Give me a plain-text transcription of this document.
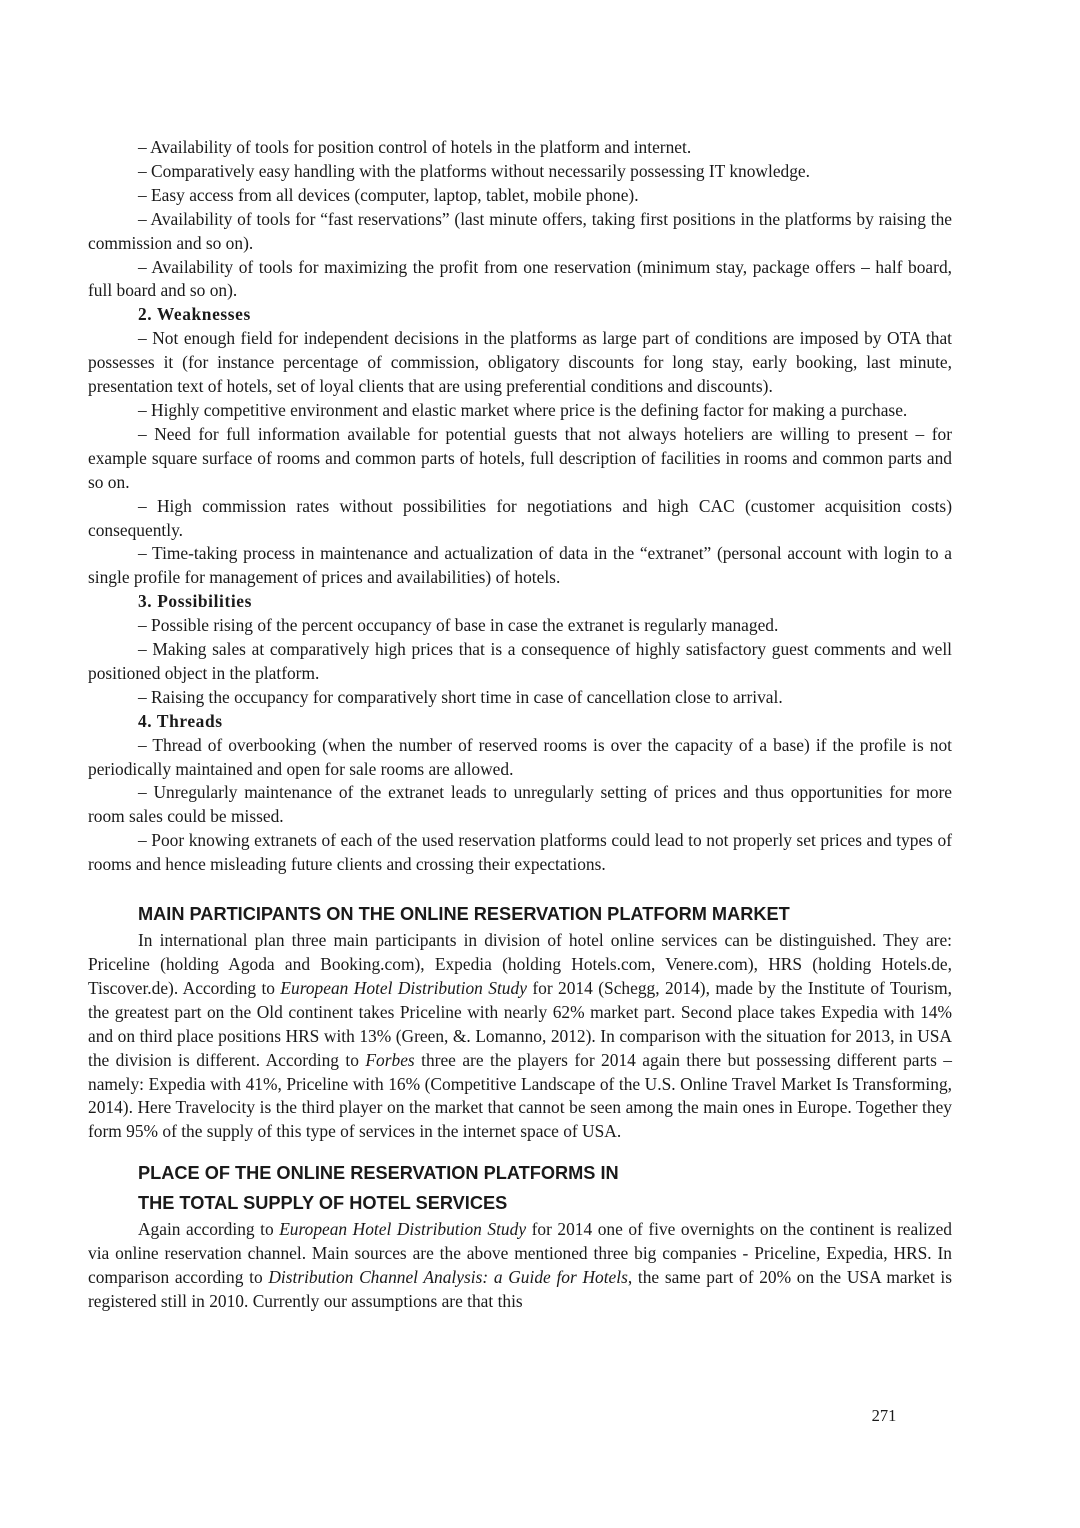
– Availability of tools for position control of hotels in the platform and internet.

– Comparatively easy handling with the platforms without necessarily possessing IT knowledge.

– Easy access from all devices (computer, laptop, tablet, mobile phone).

– Availability of tools for “fast reservations” (last minute offers, taking first positions in the platforms by raising the commission and so on).

– Availability of tools for maximizing the profit from one reservation (minimum stay, package offers – half board, full board and so on).

2. Weaknesses

– Not enough field for independent decisions in the platforms as large part of conditions are imposed by OTA that possesses it (for instance percentage of commission, obligatory discounts for long stay, early booking, last minute, presentation text of hotels, set of loyal clients that are using preferential conditions and discounts).

– Highly competitive environment and elastic market where price is the defining factor for making a purchase.

– Need for full information available for potential guests that not always hoteliers are willing to present – for example square surface of rooms and common parts of hotels, full description of facilities in rooms and common parts and so on.

– High commission rates without possibilities for negotiations and high CAC (customer acquisition costs) consequently.

– Time-taking process in maintenance and actualization of data in the “extranet” (personal account with login to a single profile for management of prices and availabilities) of hotels.

3. Possibilities

– Possible rising of the percent occupancy of base in case the extranet is regularly managed.

– Making sales at comparatively high prices that is a consequence of highly satisfactory guest comments and well positioned object in the platform.

– Raising the occupancy for comparatively short time in case of cancellation close to arrival.

4. Threads

– Thread of overbooking (when the number of reserved rooms is over the capacity of a base) if the profile is not periodically maintained and open for sale rooms are allowed.

– Unregularly maintenance of the extranet leads to unregularly setting of prices and thus opportunities for more room sales could be missed.

– Poor knowing extranets of each of the used reservation platforms could lead to not properly set prices and types of rooms and hence misleading future clients and crossing their expectations.

MAIN PARTICIPANTS ON THE ONLINE RESERVATION PLATFORM MARKET

In international plan three main participants in division of hotel online services can be distinguished. They are: Priceline (holding Agoda and Booking.com), Expedia (holding Hotels.com, Venere.com), HRS (holding Hotels.de, Tiscover.de). According to European Hotel Distribution Study for 2014 (Schegg, 2014), made by the Institute of Tourism, the greatest part on the Old continent takes Priceline with nearly 62% market part. Second place takes Expedia with 14% and on third place positions HRS with 13% (Green, &. Lomanno, 2012). In comparison with the situation for 2013, in USA the division is different. According to Forbes three are the players for 2014 again there but possessing different parts – namely: Expedia with 41%, Priceline with 16% (Competitive Landscape of the U.S. Online Travel Market Is Transforming, 2014). Here Travelocity is the third player on the market that cannot be seen among the main ones in Europe. Together they form 95% of the supply of this type of services in the internet space of USA.

PLACE OF THE ONLINE RESERVATION PLATFORMS IN
THE TOTAL SUPPLY OF HOTEL SERVICES

Again according to European Hotel Distribution Study for 2014 one of five overnights on the continent is realized via online reservation channel. Main sources are the above mentioned three big companies - Priceline, Expedia, HRS. In comparison according to Distribution Channel Analysis: a Guide for Hotels, the same part of 20% on the USA market is registered still in 2010. Currently our assumptions are that this

271
